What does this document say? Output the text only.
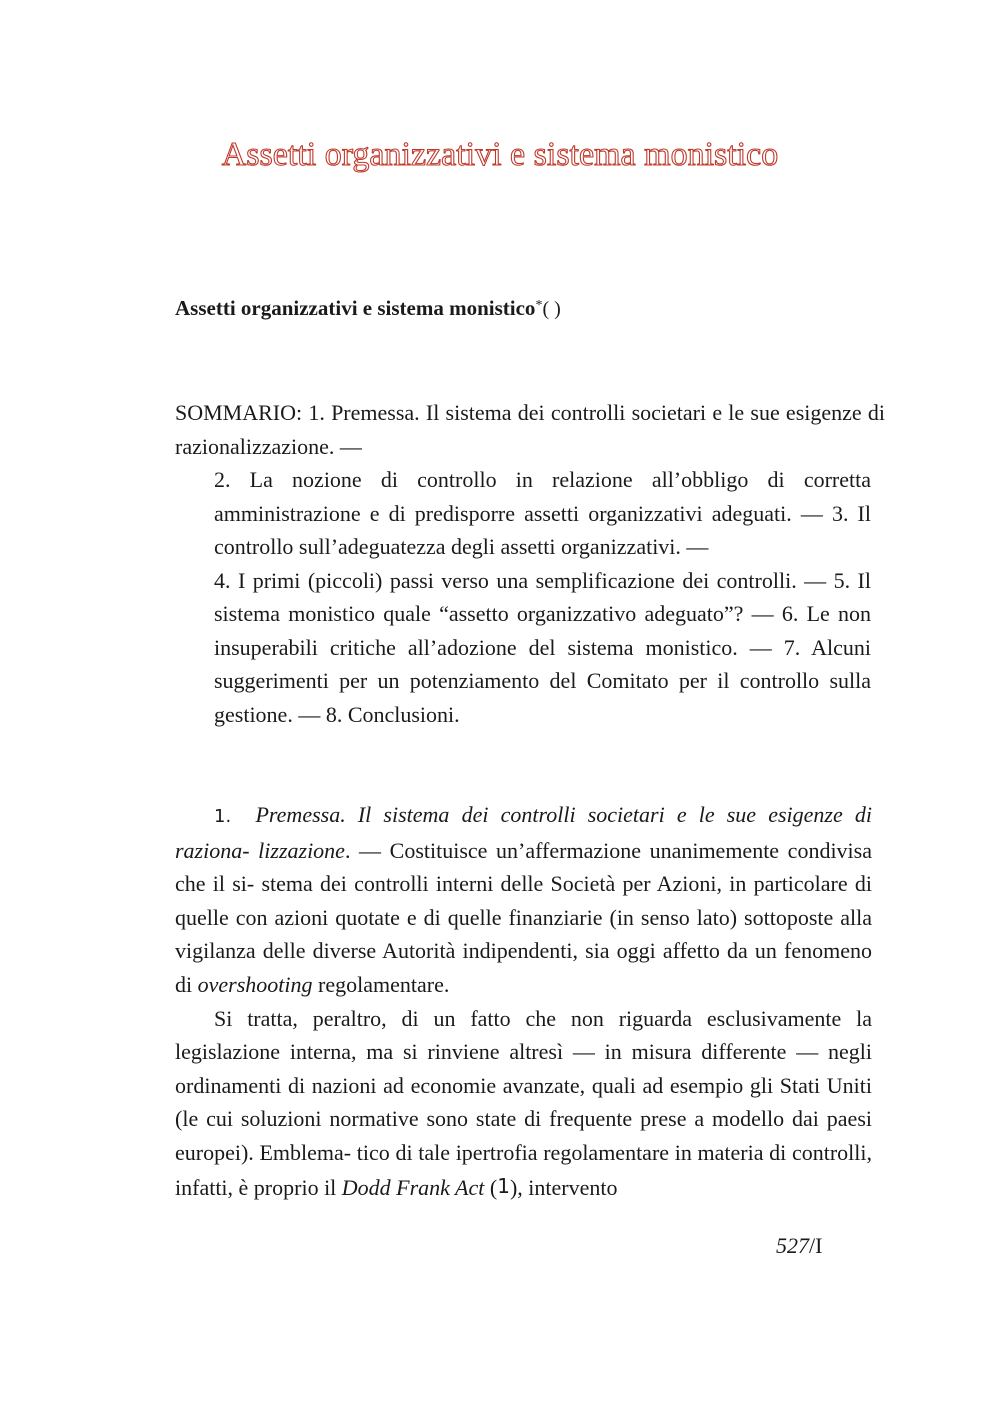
Assetti organizzativi e sistema monistico
Assetti organizzativi e sistema monistico*( )
SOMMARIO: 1. Premessa. Il sistema dei controlli societari e le sue esigenze di razionalizzazione. —
2. La nozione di controllo in relazione all’obbligo di corretta amministrazione e di predisporre assetti organizzativi adeguati. — 3. Il controllo sull’adeguatezza degli assetti organizzativi. —
4. I primi (piccoli) passi verso una semplificazione dei controlli. — 5. Il sistema monistico quale “assetto organizzativo adeguato”? — 6. Le non insuperabili critiche all’adozione del sistema monistico. — 7. Alcuni suggerimenti per un potenziamento del Comitato per il controllo sulla gestione. — 8. Conclusioni.

1. Premessa. Il sistema dei controlli societari e le sue esigenze di raziona- lizzazione. — Costituisce un’affermazione unanimemente condivisa che il si- stema dei controlli interni delle Società per Azioni, in particolare di quelle con azioni quotate e di quelle finanziarie (in senso lato) sottoposte alla vigilanza delle diverse Autorità indipendenti, sia oggi affetto da un fenomeno di overshooting regolamentare.

Si tratta, peraltro, di un fatto che non riguarda esclusivamente la legislazione interna, ma si rinviene altresì — in misura differente — negli ordinamenti di nazioni ad economie avanzate, quali ad esempio gli Stati Uniti (le cui soluzioni normative sono state di frequente prese a modello dai paesi europei). Emblema- tico di tale ipertrofia regolamentare in materia di controlli, infatti, è proprio il Dodd Frank Act (1), intervento

527/I
